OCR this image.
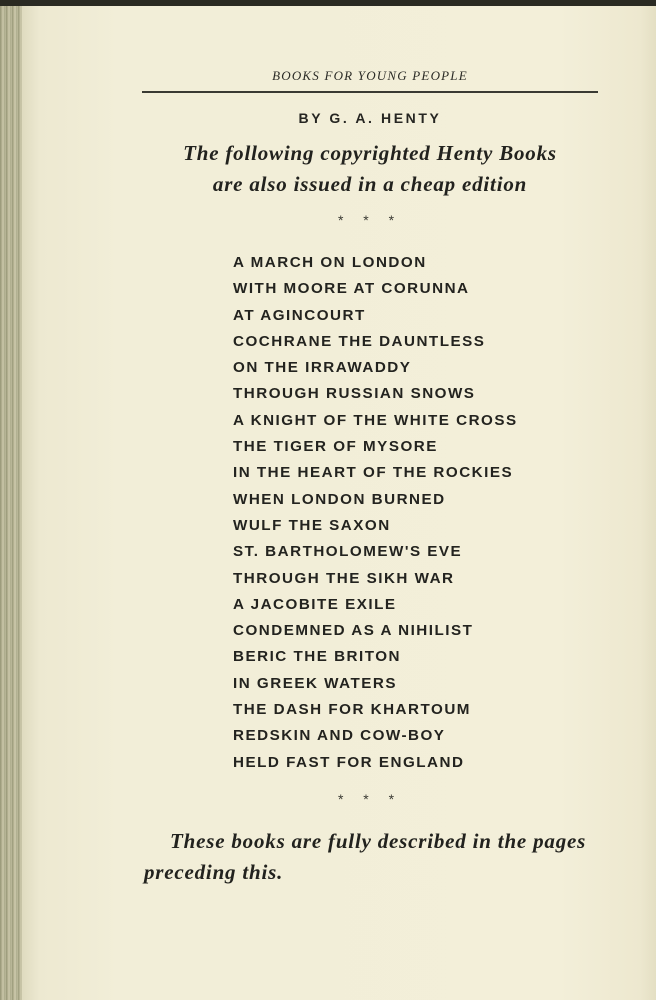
BOOKS FOR YOUNG PEOPLE
BY G. A. HENTY
The following copyrighted Henty Books
are also issued in a cheap edition
* * *
A MARCH ON LONDON
WITH MOORE AT CORUNNA
AT AGINCOURT
COCHRANE THE DAUNTLESS
ON THE IRRAWADDY
THROUGH RUSSIAN SNOWS
A KNIGHT OF THE WHITE CROSS
THE TIGER OF MYSORE
IN THE HEART OF THE ROCKIES
WHEN LONDON BURNED
WULF THE SAXON
ST. BARTHOLOMEW'S EVE
THROUGH THE SIKH WAR
A JACOBITE EXILE
CONDEMNED AS A NIHILIST
BERIC THE BRITON
IN GREEK WATERS
THE DASH FOR KHARTOUM
REDSKIN AND COW-BOY
HELD FAST FOR ENGLAND
* * *
These books are fully described in the pages preceding this.
